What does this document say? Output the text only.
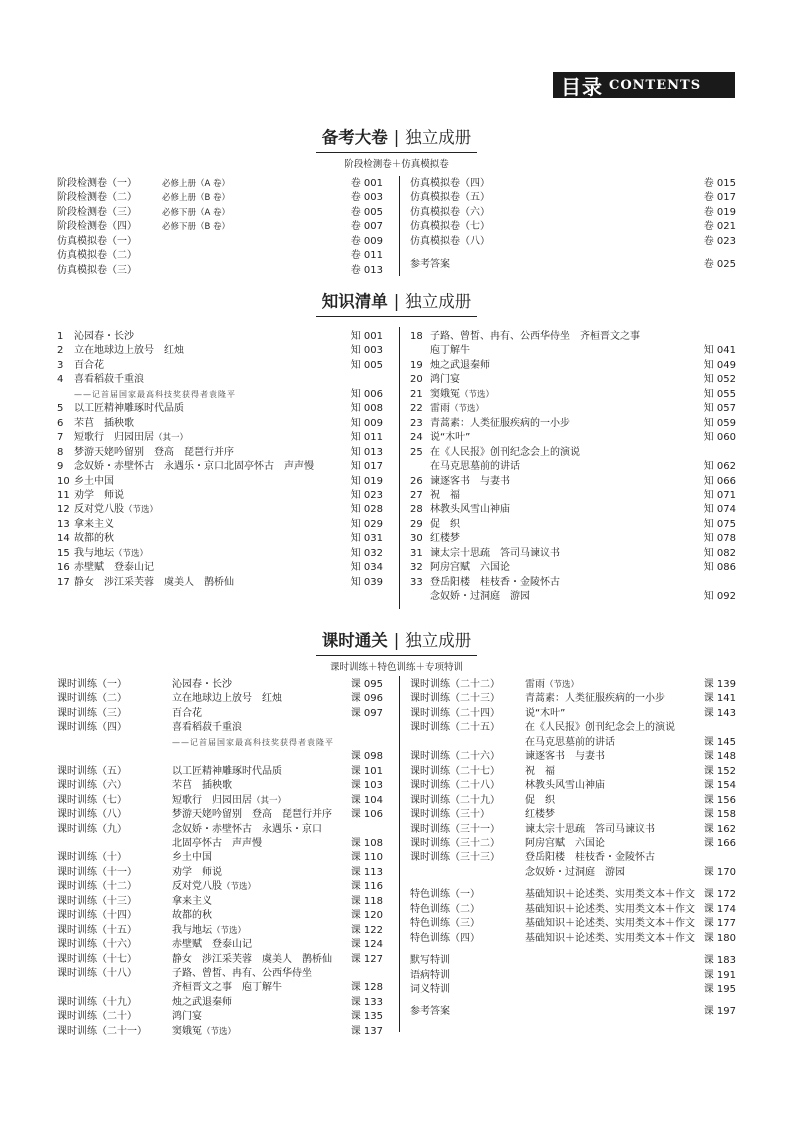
目录 CONTENTS
备考大卷 | 独立成册
阶段检测卷＋仿真模拟卷
知识清单 | 独立成册
课时通关 | 独立成册
课时训练＋特色训练＋专项特训
阶段检测卷（一）	必修上册（A 卷）	卷 001
阶段检测卷（二）	必修上册（B 卷）	卷 003
阶段检测卷（三）	必修下册（A 卷）	卷 005
阶段检测卷（四）	必修下册（B 卷）	卷 007
仿真模拟卷（一）	卷 009
仿真模拟卷（二）	卷 011
仿真模拟卷（三）	卷 013
仿真模拟卷（四）	卷 015
仿真模拟卷（五）	卷 017
仿真模拟卷（六）	卷 019
仿真模拟卷（七）	卷 021
仿真模拟卷（八）	卷 023
参考答案	卷 025
1 沁园春・长沙	知 001
2 立在地球边上放号　红烛	知 003
3 百合花	知 005
4 喜看稻菽千重浪
——记首届国家最高科技奖获得者袁隆平	知 006
5 以工匠精神雕琢时代品质	知 008
6 芣苢　插秧歌	知 009
7 短歌行　归园田居（其一）	知 011
8 梦游天姥吟留别　登高　琵琶行并序	知 013
9 念奴娇・赤壁怀古　永遇乐・京口北固亭怀古　声声慢	知 017
10 乡土中国	知 019
11 劝学　师说	知 023
12 反对党八股（节选）	知 028
13 拿来主义	知 029
14 故都的秋	知 031
15 我与地坛（节选）	知 032
16 赤壁赋　登泰山记	知 034
17 静女　涉江采芙蓉　虞美人　鹊桥仙	知 039
18 子路、曾皙、冉有、公西华侍坐　齐桓晋文之事
庖丁解牛	知 041
19 烛之武退秦师	知 049
20 鸿门宴	知 052
21 窦娥冤（节选）	知 055
22 雷雨（节选）	知 057
23 青蒿素：人类征服疾病的一小步	知 059
24 说“木叶”	知 060
25 在《人民报》创刊纪念会上的演说
在马克思墓前的讲话	知 062
26 谏逐客书　与妻书	知 066
27 祝　福	知 071
28 林教头风雪山神庙	知 074
29 促　织	知 075
30 红楼梦	知 078
31 谏太宗十思疏　答司马谏议书	知 082
32 阿房宫赋　六国论	知 086
33 登岳阳楼　桂枝香・金陵怀古
念奴娇・过洞庭　游园	知 092
课时训练（一）	沁园春・长沙	课 095
课时训练（二）	立在地球边上放号　红烛	课 096
课时训练（三）	百合花	课 097
课时训练（四）	喜看稻菽千重浪
——记首届国家最高科技奖获得者袁隆平
课 098
课时训练（五）	以工匠精神雕琢时代品质	课 101
课时训练（六）	芣苢　插秧歌	课 103
课时训练（七）	短歌行　归园田居（其一）	课 104
课时训练（八）	梦游天姥吟留别　登高　琵琶行并序 课 106
课时训练（九）	念奴娇・赤壁怀古　永遇乐・京口
北固亭怀古　声声慢	课 108
课时训练（十）	乡土中国	课 110
课时训练（十一）	劝学　师说	课 113
课时训练（十二）	反对党八股（节选）	课 116
课时训练（十三）	拿来主义	课 118
课时训练（十四）	故都的秋	课 120
课时训练（十五）	我与地坛（节选）	课 122
课时训练（十六）	赤壁赋　登泰山记	课 124
课时训练（十七）	静女　涉江采芙蓉　虞美人　鹊桥仙 课 127
课时训练（十八）	子路、曾皙、冉有、公西华侍坐
齐桓晋文之事　庖丁解牛	课 128
课时训练（十九）	烛之武退秦师	课 133
课时训练（二十）	鸿门宴	课 135
课时训练（二十一）	窦娥冤（节选）	课 137
课时训练（二十二）	雷雨（节选）	课 139
课时训练（二十三）	青蒿素：人类征服疾病的一小步	课 141
课时训练（二十四）	说“木叶”	课 143
课时训练（二十五）	在《人民报》创刊纪念会上的演说
在马克思墓前的讲话	课 145
课时训练（二十六）	谏逐客书　与妻书	课 148
课时训练（二十七）	祝　福	课 152
课时训练（二十八）	林教头风雪山神庙	课 154
课时训练（二十九）	促　织	课 156
课时训练（三十）	红楼梦	课 158
课时训练（三十一）	谏太宗十思疏　答司马谏议书	课 162
课时训练（三十二）	阿房宫赋　六国论	课 166
课时训练（三十三）	登岳阳楼　桂枝香・金陵怀古
念奴娇・过洞庭　游园	课 170
特色训练（一）	基础知识＋论述类、实用类文本＋作文 课 172
特色训练（二）	基础知识＋论述类、实用类文本＋作文 课 174
特色训练（三）	基础知识＋论述类、实用类文本＋作文 课 177
特色训练（四）	基础知识＋论述类、实用类文本＋作文 课 180
默写特训	课 183
语病特训	课 191
词义特训	课 195
参考答案	课 197
